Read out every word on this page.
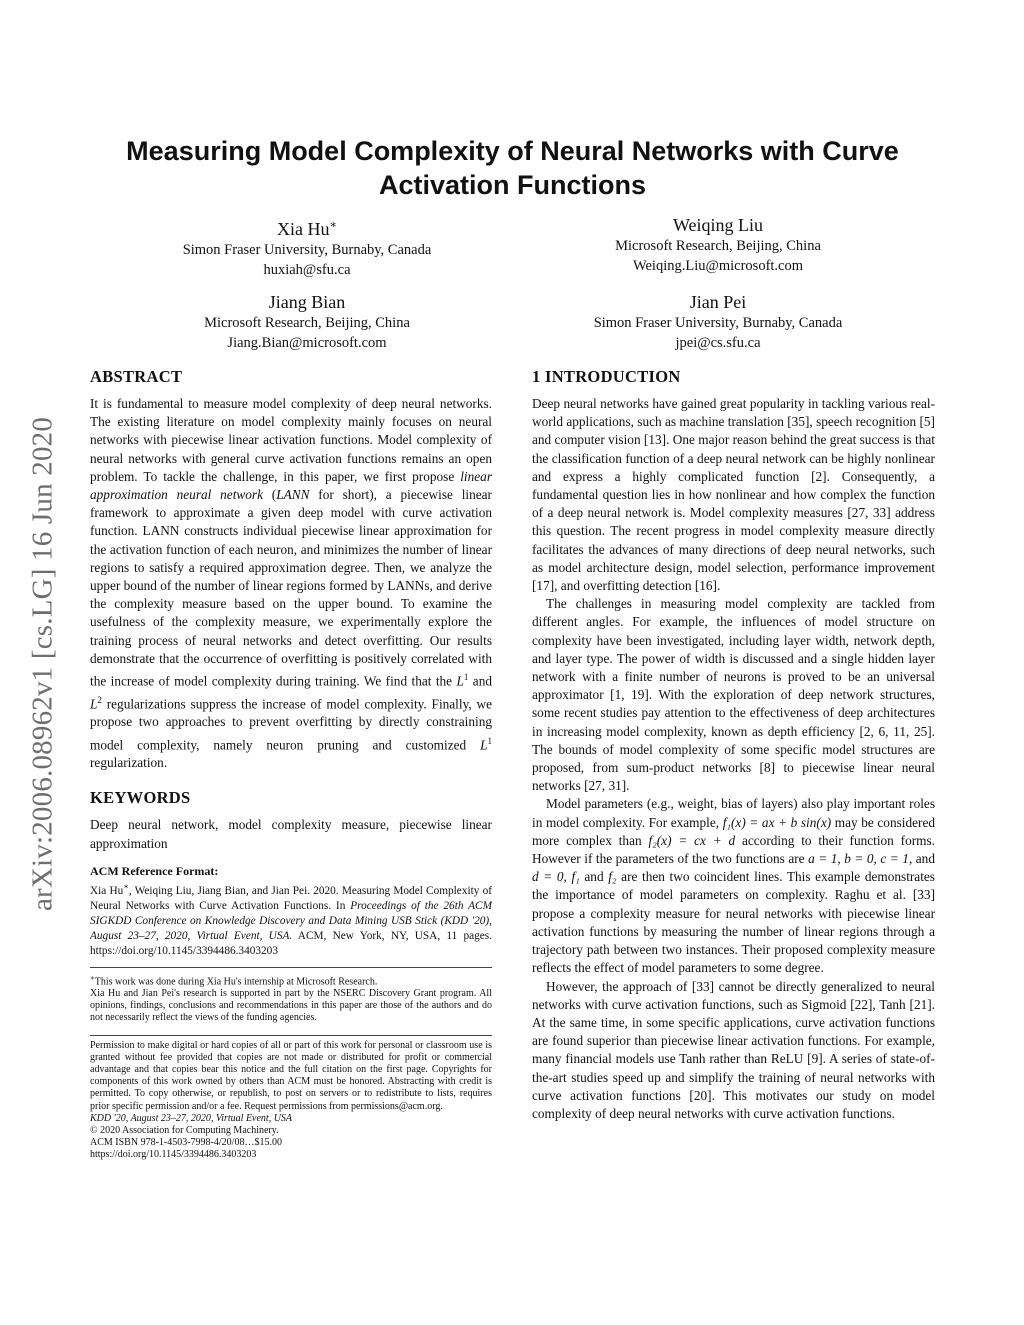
arXiv:2006.08962v1 [cs.LG] 16 Jun 2020
Measuring Model Complexity of Neural Networks with Curve Activation Functions
Xia Hu∗
Simon Fraser University, Burnaby, Canada
huxiah@sfu.ca
Weiqing Liu
Microsoft Research, Beijing, China
Weiqing.Liu@microsoft.com
Jiang Bian
Microsoft Research, Beijing, China
Jiang.Bian@microsoft.com
Jian Pei
Simon Fraser University, Burnaby, Canada
jpei@cs.sfu.ca
ABSTRACT

It is fundamental to measure model complexity of deep neural networks. The existing literature on model complexity mainly focuses on neural networks with piecewise linear activation functions. Model complexity of neural networks with general curve activation functions remains an open problem. To tackle the challenge, in this paper, we first propose linear approximation neural network (LANN for short), a piecewise linear framework to approximate a given deep model with curve activation function. LANN constructs individual piecewise linear approximation for the activation function of each neuron, and minimizes the number of linear regions to satisfy a required approximation degree. Then, we analyze the upper bound of the number of linear regions formed by LANNs, and derive the complexity measure based on the upper bound. To examine the usefulness of the complexity measure, we experimentally explore the training process of neural networks and detect overfitting. Our results demonstrate that the occurrence of overfitting is positively correlated with the increase of model complexity during training. We find that the $L^1$ and $L^2$ regularizations suppress the increase of model complexity. Finally, we propose two approaches to prevent overfitting by directly constraining model complexity, namely neuron pruning and customized $L^1$ regularization.

KEYWORDS

Deep neural network, model complexity measure, piecewise linear approximation

ACM Reference Format:

Xia Hu∗, Weiqing Liu, Jiang Bian, and Jian Pei. 2020. Measuring Model Complexity of Neural Networks with Curve Activation Functions. In Proceedings of the 26th ACM SIGKDD Conference on Knowledge Discovery and Data Mining USB Stick (KDD '20), August 23–27, 2020, Virtual Event, USA. ACM, New York, NY, USA, 11 pages. https://doi.org/10.1145/3394486.3403203

∗This work was done during Xia Hu's internship at Microsoft Research.

Xia Hu and Jian Pei's research is supported in part by the NSERC Discovery Grant program. All opinions, findings, conclusions and recommendations in this paper are those of the authors and do not necessarily reflect the views of the funding agencies.

Permission to make digital or hard copies of all or part of this work for personal or classroom use is granted without fee provided that copies are not made or distributed for profit or commercial advantage and that copies bear this notice and the full citation on the first page. Copyrights for components of this work owned by others than ACM must be honored. Abstracting with credit is permitted. To copy otherwise, or republish, to post on servers or to redistribute to lists, requires prior specific permission and/or a fee. Request permissions from permissions@acm.org.

KDD '20, August 23–27, 2020, Virtual Event, USA

© 2020 Association for Computing Machinery.

ACM ISBN 978-1-4503-7998-4/20/08…$15.00

https://doi.org/10.1145/3394486.3403203

1 INTRODUCTION

Deep neural networks have gained great popularity in tackling various real-world applications, such as machine translation [35], speech recognition [5] and computer vision [13]. One major reason behind the great success is that the classification function of a deep neural network can be highly nonlinear and express a highly complicated function [2]. Consequently, a fundamental question lies in how nonlinear and how complex the function of a deep neural network is. Model complexity measures [27, 33] address this question. The recent progress in model complexity measure directly facilitates the advances of many directions of deep neural networks, such as model architecture design, model selection, performance improvement [17], and overfitting detection [16].

The challenges in measuring model complexity are tackled from different angles. For example, the influences of model structure on complexity have been investigated, including layer width, network depth, and layer type. The power of width is discussed and a single hidden layer network with a finite number of neurons is proved to be an universal approximator [1, 19]. With the exploration of deep network structures, some recent studies pay attention to the effectiveness of deep architectures in increasing model complexity, known as depth efficiency [2, 6, 11, 25]. The bounds of model complexity of some specific model structures are proposed, from sum-product networks [8] to piecewise linear neural networks [27, 31].

Model parameters (e.g., weight, bias of layers) also play important roles in model complexity. For example, f₁(x) = ax + b sin(x) may be considered more complex than f₂(x) = cx + d according to their function forms. However if the parameters of the two functions are a = 1, b = 0, c = 1, and d = 0, f₁ and f₂ are then two coincident lines. This example demonstrates the importance of model parameters on complexity. Raghu et al. [33] propose a complexity measure for neural networks with piecewise linear activation functions by measuring the number of linear regions through a trajectory path between two instances. Their proposed complexity measure reflects the effect of model parameters to some degree.

However, the approach of [33] cannot be directly generalized to neural networks with curve activation functions, such as Sigmoid [22], Tanh [21]. At the same time, in some specific applications, curve activation functions are found superior than piecewise linear activation functions. For example, many financial models use Tanh rather than ReLU [9]. A series of state-of-the-art studies speed up and simplify the training of neural networks with curve activation functions [20]. This motivates our study on model complexity of deep neural networks with curve activation functions.
